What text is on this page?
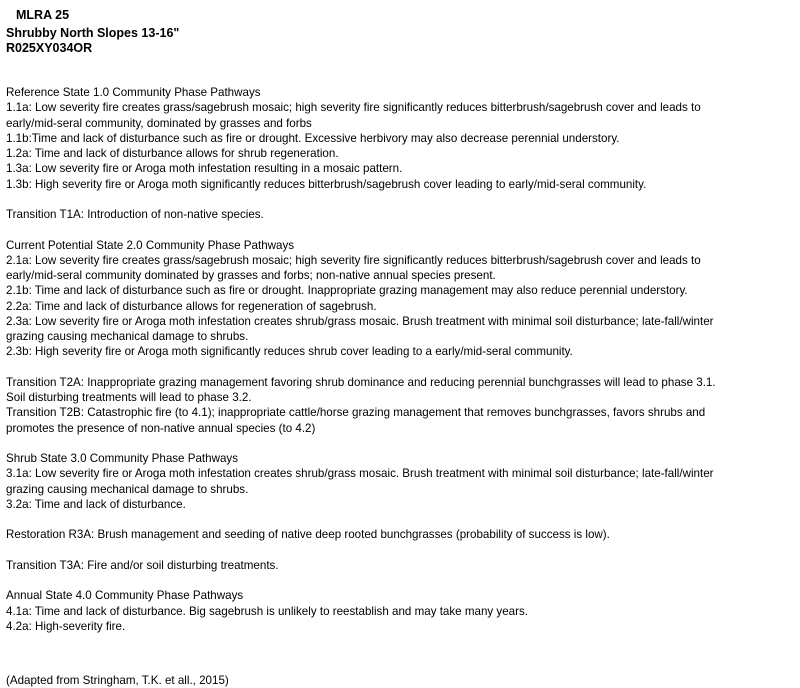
MLRA 25
Shrubby North Slopes 13-16"
R025XY034OR
Reference State 1.0 Community Phase Pathways
1.1a: Low severity fire creates grass/sagebrush mosaic; high severity fire significantly reduces bitterbrush/sagebrush cover and leads to
early/mid-seral community, dominated by grasses and forbs
1.1b:Time and lack of disturbance such as fire or drought. Excessive herbivory may also decrease perennial understory.
1.2a: Time and lack of disturbance allows for shrub regeneration.
1.3a: Low severity fire or Aroga moth infestation resulting in a mosaic pattern.
1.3b: High severity fire or Aroga moth significantly reduces bitterbrush/sagebrush cover leading to early/mid-seral community.
Transition T1A: Introduction of non-native species.
Current Potential State 2.0 Community Phase Pathways
2.1a: Low severity fire creates grass/sagebrush mosaic; high severity fire significantly reduces bitterbrush/sagebrush cover and leads to
early/mid-seral community dominated by grasses and forbs; non-native annual species present.
2.1b: Time and lack of disturbance such as fire or drought. Inappropriate grazing management may also reduce perennial understory.
2.2a: Time and lack of disturbance allows for regeneration of sagebrush.
2.3a: Low severity fire or Aroga moth infestation creates shrub/grass mosaic. Brush treatment with minimal soil disturbance; late-fall/winter
grazing causing mechanical damage to shrubs.
2.3b: High severity fire or Aroga moth significantly reduces shrub cover leading to a early/mid-seral community.
Transition T2A: Inappropriate grazing management favoring shrub dominance and reducing perennial bunchgrasses will lead to phase 3.1.
Soil disturbing treatments will lead to phase 3.2.
Transition T2B: Catastrophic fire (to 4.1); inappropriate cattle/horse grazing management that removes bunchgrasses, favors shrubs and
promotes the presence of non-native annual species (to 4.2)
Shrub State 3.0 Community Phase Pathways
3.1a: Low severity fire or Aroga moth infestation creates shrub/grass mosaic. Brush treatment with minimal soil disturbance; late-fall/winter
grazing causing mechanical damage to shrubs.
3.2a: Time and lack of disturbance.
Restoration R3A: Brush management and seeding of native deep rooted bunchgrasses (probability of success is low).
Transition T3A: Fire and/or soil disturbing treatments.
Annual State 4.0 Community Phase Pathways
4.1a: Time and lack of disturbance. Big sagebrush is unlikely to reestablish and may take many years.
4.2a: High-severity fire.
(Adapted from Stringham, T.K. et all., 2015)
